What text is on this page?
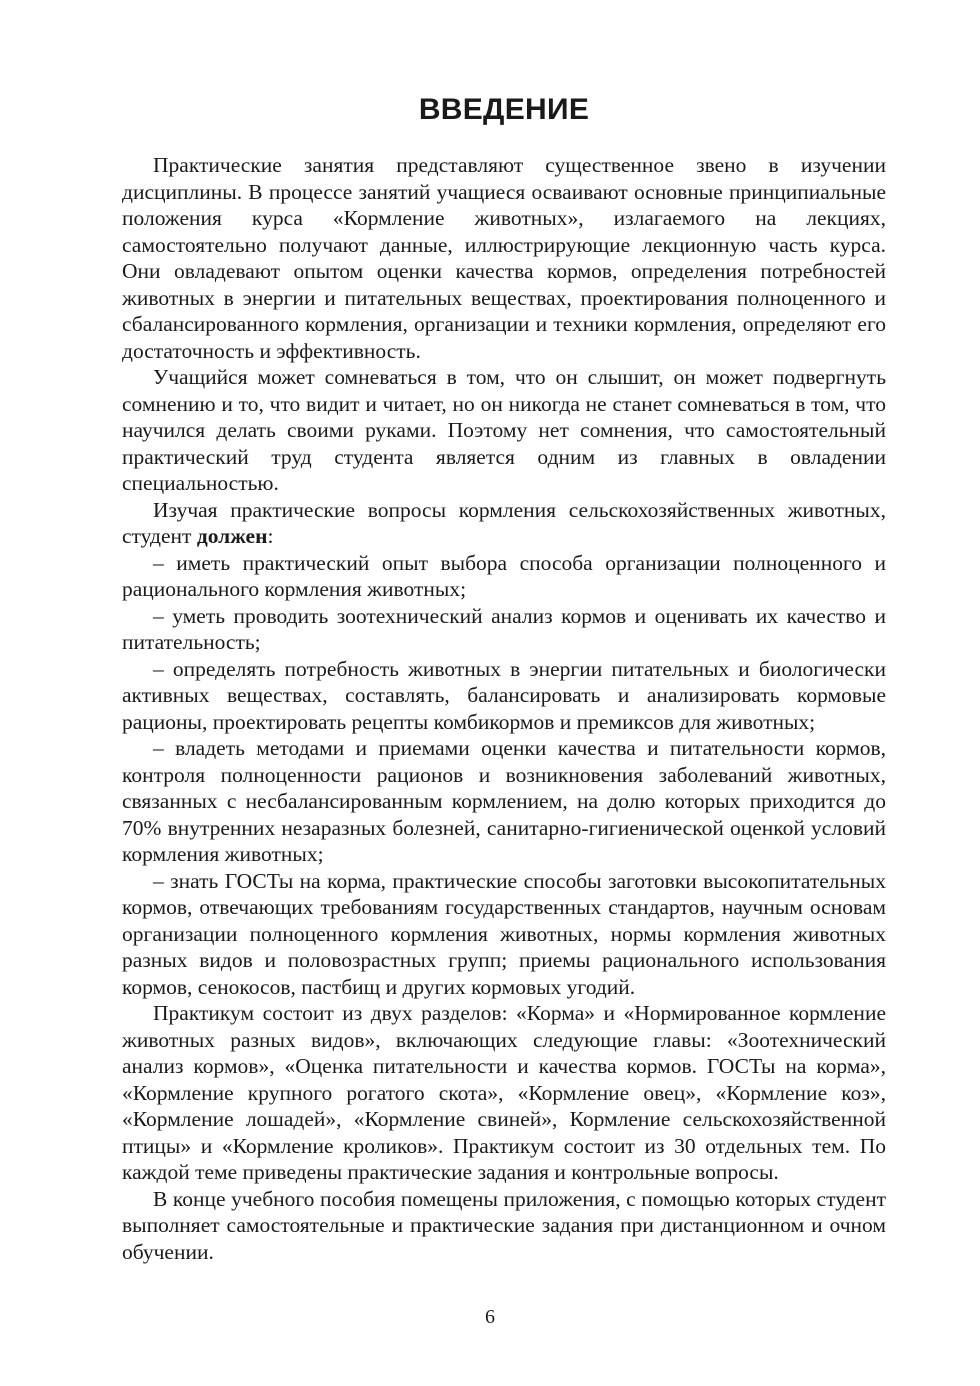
ВВЕДЕНИЕ

Практические занятия представляют существенное звено в изучении дисциплины. В процессе занятий учащиеся осваивают основные принципиальные положения курса «Кормление животных», излагаемого на лекциях, самостоятельно получают данные, иллюстрирующие лекционную часть курса. Они овладевают опытом оценки качества кормов, определения потребностей животных в энергии и питательных веществах, проектирования полноценного и сбалансированного кормления, организации и техники кормления, определяют его достаточность и эффективность.

Учащийся может сомневаться в том, что он слышит, он может подвергнуть сомнению и то, что видит и читает, но он никогда не станет сомневаться в том, что научился делать своими руками. Поэтому нет сомнения, что самостоятельный практический труд студента является одним из главных в овладении специальностью.

Изучая практические вопросы кормления сельскохозяйственных животных, студент должен:

– иметь практический опыт выбора способа организации полноценного и рационального кормления животных;

– уметь проводить зоотехнический анализ кормов и оценивать их качество и питательность;

– определять потребность животных в энергии питательных и биологически активных веществах, составлять, балансировать и анализировать кормовые рационы, проектировать рецепты комбикормов и премиксов для животных;

– владеть методами и приемами оценки качества и питательности кормов, контроля полноценности рационов и возникновения заболеваний животных, связанных с несбалансированным кормлением, на долю которых приходится до 70% внутренних незаразных болезней, санитарно-гигиенической оценкой условий кормления животных;

– знать ГОСТы на корма, практические способы заготовки высокопитательных кормов, отвечающих требованиям государственных стандартов, научным основам организации полноценного кормления животных, нормы кормления животных разных видов и половозрастных групп; приемы рационального использования кормов, сенокосов, пастбищ и других кормовых угодий.

Практикум состоит из двух разделов: «Корма» и «Нормированное кормление животных разных видов», включающих следующие главы: «Зоотехнический анализ кормов», «Оценка питательности и качества кормов. ГОСТы на корма», «Кормление крупного рогатого скота», «Кормление овец», «Кормление коз», «Кормление лошадей», «Кормление свиней», Кормление сельскохозяйственной птицы» и «Кормление кроликов». Практикум состоит из 30 отдельных тем. По каждой теме приведены практические задания и контрольные вопросы.

В конце учебного пособия помещены приложения, с помощью которых студент выполняет самостоятельные и практические задания при дистанционном и очном обучении.

6
